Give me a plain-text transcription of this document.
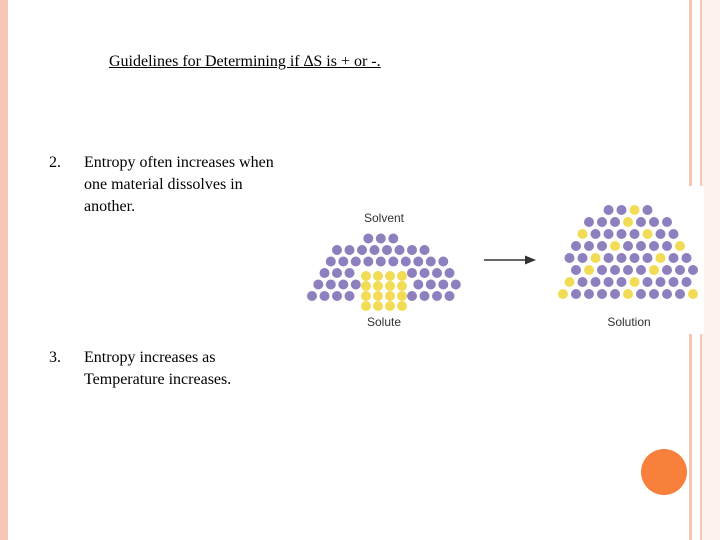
Guidelines for Determining if ∆S is + or -.
2.	Entropy often increases when one material dissolves in another.
3.	Entropy increases as Temperature increases.
Solvent
Solute	Solution
